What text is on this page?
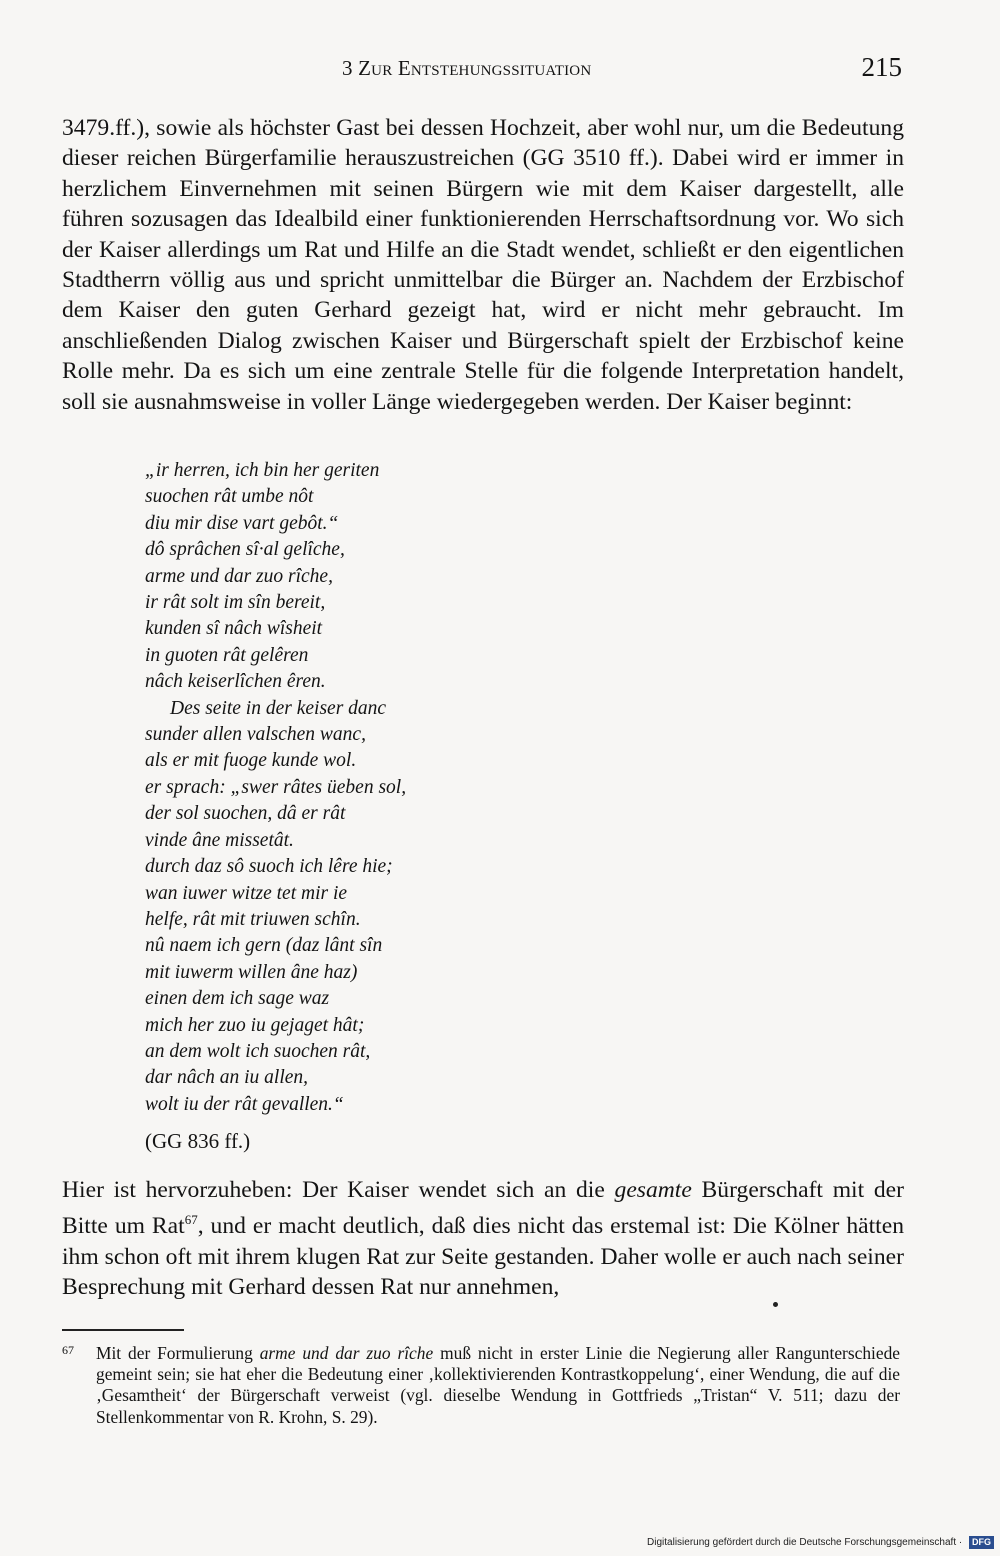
3 Zur Entstehungssituation	215

3479.ff.), sowie als höchster Gast bei dessen Hochzeit, aber wohl nur, um die Bedeutung dieser reichen Bürgerfamilie herauszustreichen (GG 3510 ff.). Dabei wird er immer in herzlichem Einvernehmen mit seinen Bürgern wie mit dem Kaiser dargestellt, alle führen sozusagen das Idealbild einer funktionierenden Herrschaftsordnung vor. Wo sich der Kaiser allerdings um Rat und Hilfe an die Stadt wendet, schließt er den eigentlichen Stadtherrn völlig aus und spricht unmittelbar die Bürger an. Nachdem der Erzbischof dem Kaiser den guten Gerhard gezeigt hat, wird er nicht mehr gebraucht. Im anschließenden Dialog zwischen Kaiser und Bürgerschaft spielt der Erzbischof keine Rolle mehr. Da es sich um eine zentrale Stelle für die folgende Interpretation handelt, soll sie ausnahmsweise in voller Länge wiedergegeben werden. Der Kaiser beginnt:

„ir herren, ich bin her geriten
suochen rât umbe nôt
diu mir dise vart gebôt.“
dô sprâchen sî·al gelîche,
arme und dar zuo rîche,
ir rât solt im sîn bereit,
kunden sî nâch wîsheit
in guoten rât gelêren
nâch keiserlîchen êren.
Des seite in der keiser danc
sunder allen valschen wanc,
als er mit fuoge kunde wol.
er sprach: „swer râtes üeben sol,
der sol suochen, dâ er rât
vinde âne missetât.
durch daz sô suoch ich lêre hie;
wan iuwer witze tet mir ie
helfe, rât mit triuwen schîn.
nû naem ich gern (daz lânt sîn
mit iuwerm willen âne haz)
einen dem ich sage waz
mich her zuo iu gejaget hât;
an dem wolt ich suochen rât,
dar nâch an iu allen,
wolt iu der rât gevallen.“
(GG 836 ff.)

Hier ist hervorzuheben: Der Kaiser wendet sich an die gesamte Bürgerschaft mit der Bitte um Rat$^{67}$, und er macht deutlich, daß dies nicht das erstemal ist: Die Kölner hätten ihm schon oft mit ihrem klugen Rat zur Seite gestanden. Daher wolle er auch nach seiner Besprechung mit Gerhard dessen Rat nur annehmen,

67 Mit der Formulierung arme und dar zuo rîche muß nicht in erster Linie die Negierung aller Rangunterschiede gemeint sein; sie hat eher die Bedeutung einer ‚kollektivierenden Kontrastkoppelung‘, einer Wendung, die auf die ‚Gesamtheit‘ der Bürgerschaft verweist (vgl. dieselbe Wendung in Gottfrieds „Tristan“ V. 511; dazu der Stellenkommentar von R. Krohn, S. 29).
Digitalisierung gefördert durch die Deutsche Forschungsgemeinschaft · DFG
